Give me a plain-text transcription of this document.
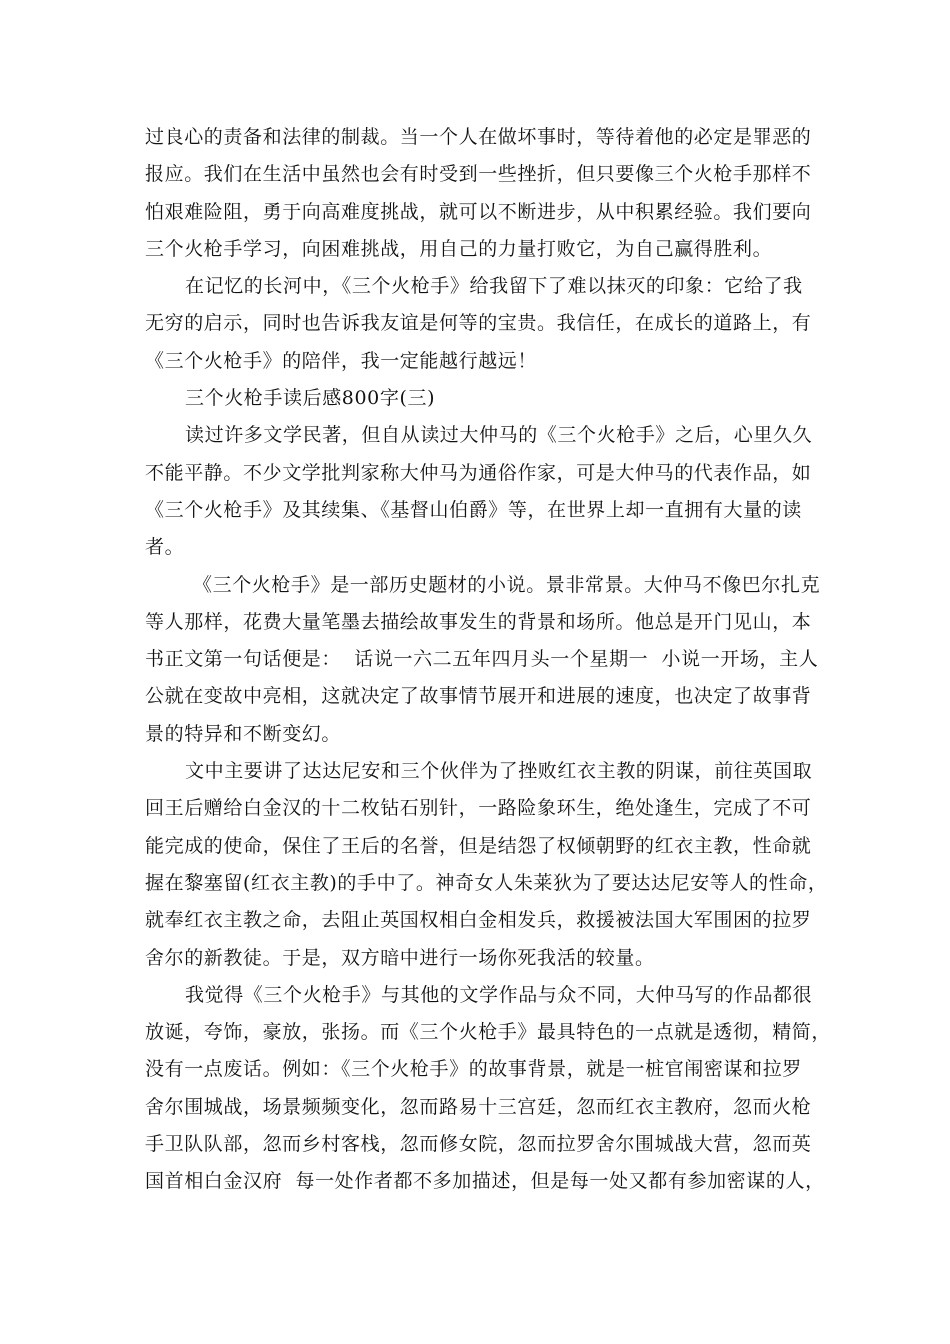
过良心的责备和法律的制裁。当一个人在做坏事时，等待着他的必定是罪恶的
报应。我们在生活中虽然也会有时受到一些挫折，但只要像三个火枪手那样不
怕艰难险阻，勇于向高难度挑战，就可以不断进步，从中积累经验。我们要向
三个火枪手学习，向困难挑战，用自己的力量打败它，为自己赢得胜利。
在记忆的长河中，《三个火枪手》给我留下了难以抹灭的印象：它给了我
无穷的启示，同时也告诉我友谊是何等的宝贵。我信任，在成长的道路上，有
《三个火枪手》的陪伴，我一定能越行越远！
三个火枪手读后感800字(三)
读过许多文学民著，但自从读过大仲马的《三个火枪手》之后，心里久久
不能平静。不少文学批判家称大仲马为通俗作家，可是大仲马的代表作品，如
《三个火枪手》及其续集、《基督山伯爵》等，在世界上却一直拥有大量的读
者。
《三个火枪手》是一部历史题材的小说。景非常景。大仲马不像巴尔扎克
等人那样，花费大量笔墨去描绘故事发生的背景和场所。他总是开门见山，本
书正文第一句话便是：  话说一六二五年四月头一个星期一  小说一开场，主人
公就在变故中亮相，这就决定了故事情节展开和进展的速度，也决定了故事背
景的特异和不断变幻。
文中主要讲了达达尼安和三个伙伴为了挫败红衣主教的阴谋，前往英国取
回王后赠给白金汉的十二枚钻石别针，一路险象环生，绝处逢生，完成了不可
能完成的使命，保住了王后的名誉，但是结怨了权倾朝野的红衣主教，性命就
握在黎塞留(红衣主教)的手中了。神奇女人朱莱狄为了要达达尼安等人的性命，
就奉红衣主教之命，去阻止英国权相白金相发兵，救援被法国大军围困的拉罗
舍尔的新教徒。于是，双方暗中进行一场你死我活的较量。
我觉得《三个火枪手》与其他的文学作品与众不同，大仲马写的作品都很
放诞，夸饰，豪放，张扬。而《三个火枪手》最具特色的一点就是透彻，精简，
没有一点废话。例如：《三个火枪手》的故事背景，就是一桩官闱密谋和拉罗
舍尔围城战，场景频频变化，忽而路易十三宫廷，忽而红衣主教府，忽而火枪
手卫队队部，忽而乡村客栈，忽而修女院，忽而拉罗舍尔围城战大营，忽而英
国首相白金汉府  每一处作者都不多加描述，但是每一处又都有参加密谋的人，
